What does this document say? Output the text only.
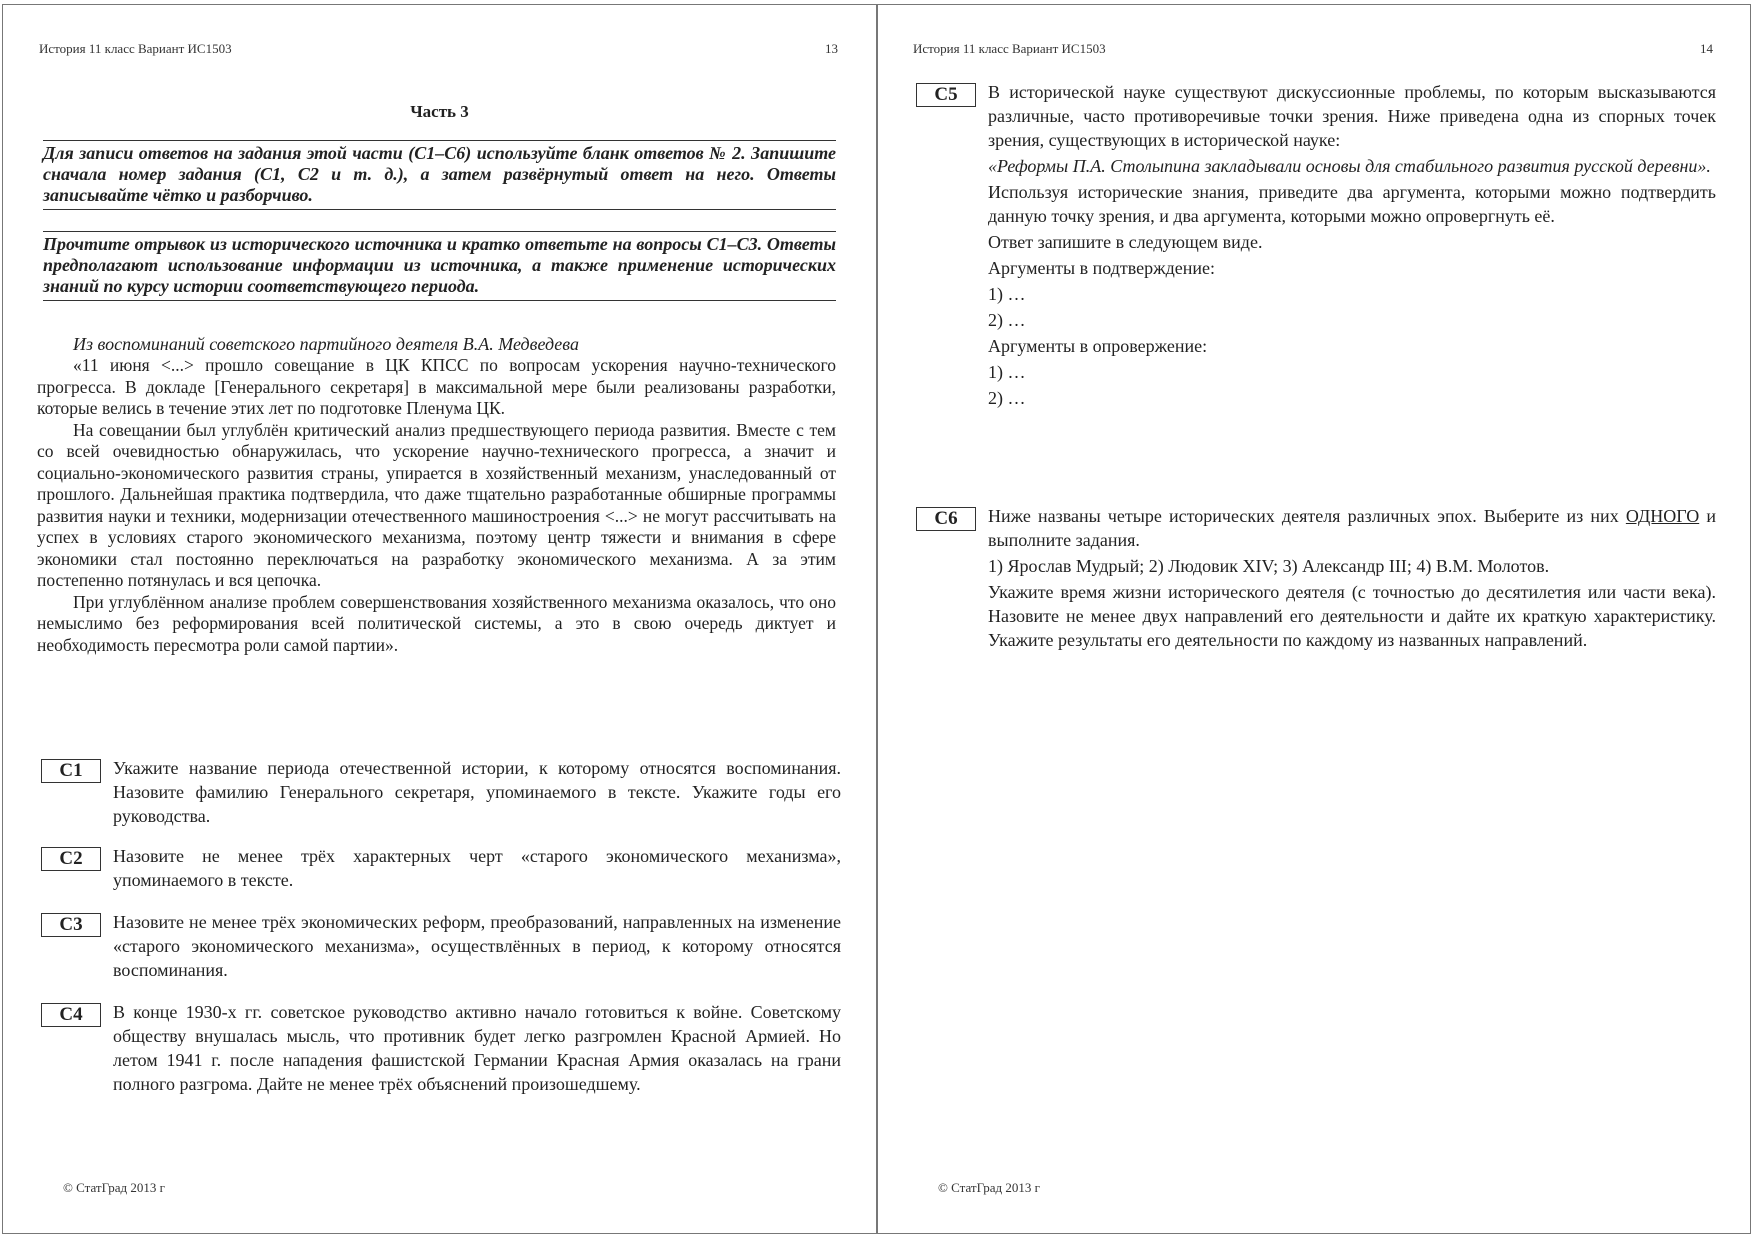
История 11 класс Вариант ИС1503	13
Часть 3
Для записи ответов на задания этой части (С1–С6) используйте бланк ответов № 2. Запишите сначала номер задания (С1, С2 и т. д.), а затем развёрнутый ответ на него. Ответы записывайте чётко и разборчиво.
Прочтите отрывок из исторического источника и кратко ответьте на вопросы С1–С3. Ответы предполагают использование информации из источника, а также применение исторических знаний по курсу истории соответствующего периода.
Из воспоминаний советского партийного деятеля В.А. Медведева

«11 июня <...> прошло совещание в ЦК КПСС по вопросам ускорения научно-технического прогресса. В докладе [Генерального секретаря] в максимальной мере были реализованы разработки, которые велись в течение этих лет по подготовке Пленума ЦК.

На совещании был углублён критический анализ предшествующего периода развития. Вместе с тем со всей очевидностью обнаружилась, что ускорение научно-технического прогресса, а значит и социально-экономического развития страны, упирается в хозяйственный механизм, унаследованный от прошлого. Дальнейшая практика подтвердила, что даже тщательно разработанные обширные программы развития науки и техники, модернизации отечественного машиностроения <...> не могут рассчитывать на успех в условиях старого экономического механизма, поэтому центр тяжести и внимания в сфере экономики стал постоянно переключаться на разработку экономического механизма. А за этим постепенно потянулась и вся цепочка.

При углублённом анализе проблем совершенствования хозяйственного механизма оказалось, что оно немыслимо без реформирования всей политической системы, а это в свою очередь диктует и необходимость пересмотра роли самой партии».

С1	Укажите название периода отечественной истории, к которому относятся воспоминания. Назовите фамилию Генерального секретаря, упоминаемого в тексте. Укажите годы его руководства.
С2	Назовите не менее трёх характерных черт «старого экономического механизма», упоминаемого в тексте.
С3	Назовите не менее трёх экономических реформ, преобразований, направленных на изменение «старого экономического механизма», осуществлённых в период, к которому относятся воспоминания.
С4	В конце 1930-х гг. советское руководство активно начало готовиться к войне. Советскому обществу внушалась мысль, что противник будет легко разгромлен Красной Армией. Но летом 1941 г. после нападения фашистской Германии Красная Армия оказалась на грани полного разгрома. Дайте не менее трёх объяснений произошедшему.
© СтатГрад 2013 г
История 11 класс Вариант ИС1503	14
С5	В исторической науке существуют дискуссионные проблемы, по которым высказываются различные, часто противоречивые точки зрения. Ниже приведена одна из спорных точек зрения, существующих в исторической науке:

«Реформы П.А. Столыпина закладывали основы для стабильного развития русской деревни».

Используя исторические знания, приведите два аргумента, которыми можно подтвердить данную точку зрения, и два аргумента, которыми можно опровергнуть её.

Ответ запишите в следующем виде.

Аргументы в подтверждение:

1) …

2) …

Аргументы в опровержение:

1) …

2) …

С6	Ниже названы четыре исторических деятеля различных эпох. Выберите из них ОДНОГО и выполните задания.

1) Ярослав Мудрый; 2) Людовик XIV; 3) Александр III; 4) В.М. Молотов.

Укажите время жизни исторического деятеля (с точностью до десятилетия или части века). Назовите не менее двух направлений его деятельности и дайте их краткую характеристику. Укажите результаты его деятельности по каждому из названных направлений.

© СтатГрад 2013 г
